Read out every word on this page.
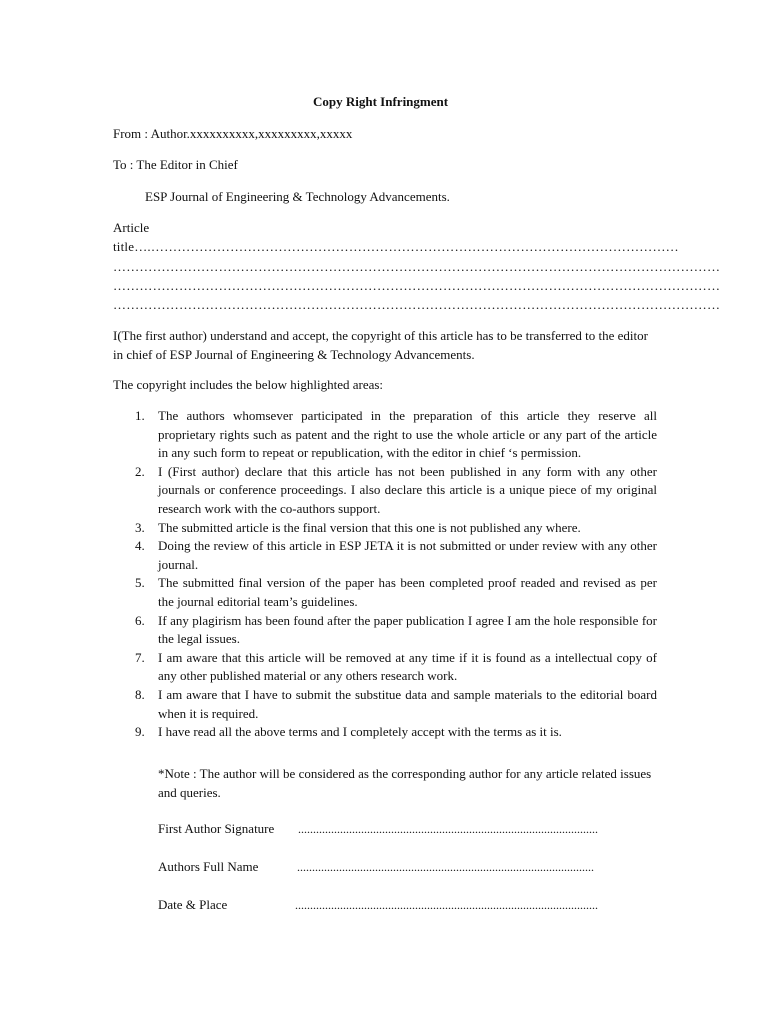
Copy Right Infringment
From : Author.xxxxxxxxxx,xxxxxxxxx,xxxxx
To : The Editor in Chief
ESP Journal of Engineering & Technology Advancements.
Article
title….…………………………………………………………………………………………………………
…………………………………………………………………………………………………………………………
…………………………………………………………………………………………………………………………
…………………………………………………………………………………………………………………………
I(The first author) understand and accept, the copyright of this article has to be transferred to the editor in chief of ESP Journal of Engineering & Technology Advancements.
The copyright includes the below highlighted areas:
1. The authors whomsever participated in the preparation of this article they reserve all proprietary rights such as patent and the right to use the whole article or any part of the article in any such form to repeat or republication, with the editor in chief ‘s permission.
2. I (First author) declare that this article has not been published in any form with any other journals or conference proceedings. I also declare this article is a unique piece of my original research work with the co-authors support.
3. The submitted article is the final version that this one is not published any where.
4. Doing the review of this article in ESP JETA it is not submitted or under review with any other journal.
5. The submitted final version of the paper has been completed proof readed and revised as per the journal editorial team’s guidelines.
6. If any plagirism has been found after the paper publication I agree I am the hole responsible for the legal issues.
7. I am aware that this article will be removed at any time if it is found as a intellectual copy of any other published material or any others research work.
8. I am aware that I have to submit the substitue data and sample materials to the editorial board when it is required.
9. I have read all the above terms and I completely accept with the terms as it is.
*Note : The author will be considered as the corresponding author for any article related issues and queries.
First Author Signature ....................................................................................................
Authors Full Name	...................................................................................................
Date & Place	.....................................................................................................
